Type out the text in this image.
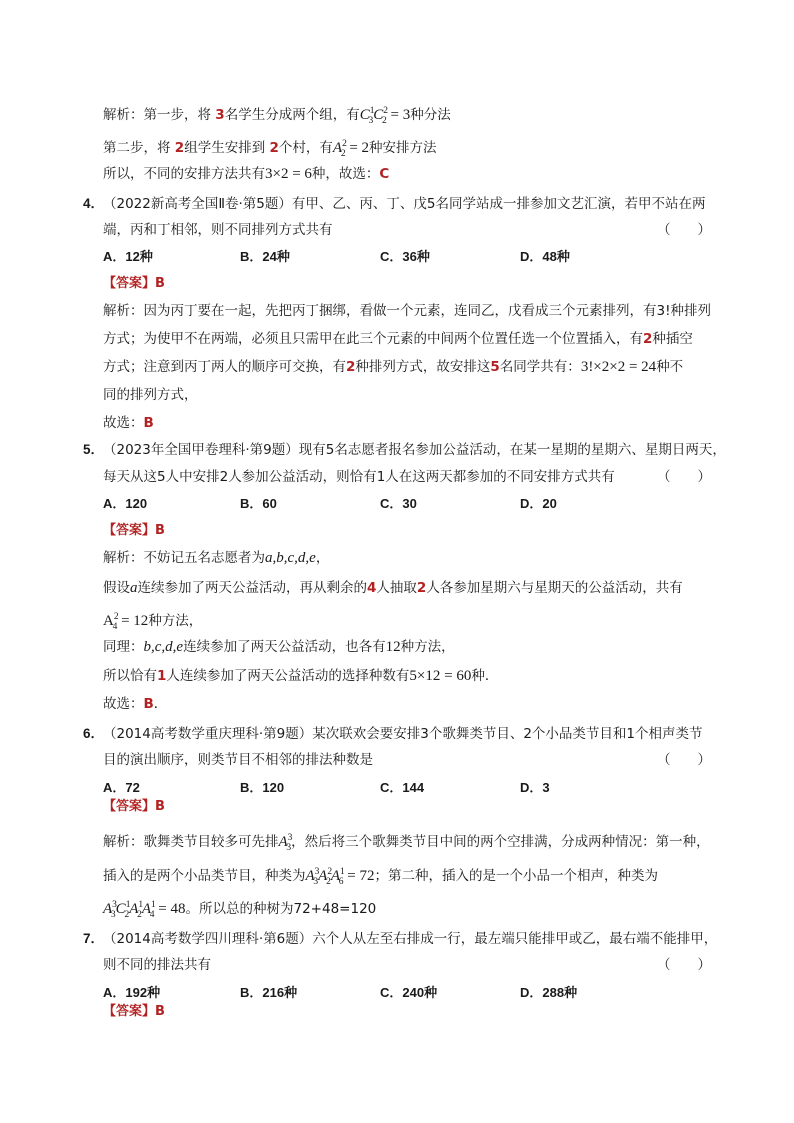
解析：第一步，将 3名学生分成两个组，有$C^1_3C^2_2 = 3$种分法
第二步，将 2组学生安排到 2个村，有$A^2_2 = 2$种安排方法
所以，不同的安排方法共有3×2 = 6种，故选：C
4．
（2022新高考全国Ⅱ卷·第5题）有甲、乙、丙、丁、戊5名同学站成一排参加文艺汇演，若甲不站在两
端，丙和丁相邻，则不同排列方式共有	（　　）
A．12种	B．24种	C．36种	D．48种
【答案】B
解析：因为丙丁要在一起，先把丙丁捆绑，看做一个元素，连同乙，戊看成三个元素排列，有3!种排列
方式；为使甲不在两端，必须且只需甲在此三个元素的中间两个位置任选一个位置插入，有2种插空
方式；注意到丙丁两人的顺序可交换，有2种排列方式，故安排这5名同学共有：3!×2×2 = 24种不
同的排列方式，
故选：B
5．
（2023年全国甲卷理科·第9题）现有5名志愿者报名参加公益活动，在某一星期的星期六、星期日两天，
每天从这5人中安排2人参加公益活动，则恰有1人在这两天都参加的不同安排方式共有	（　　）
A．120	B．60	C．30	D．20
【答案】B
解析：不妨记五名志愿者为a,b,c,d,e，
假设a连续参加了两天公益活动，再从剩余的4人抽取2人各参加星期六与星期天的公益活动，共有
$A^2_4 = 12$种方法，
同理：b,c,d,e连续参加了两天公益活动，也各有12种方法，
所以恰有1人连续参加了两天公益活动的选择种数有5×12 = 60种．
故选：B．
6．
（2014高考数学重庆理科·第9题）某次联欢会要安排3个歌舞类节目、2个小品类节目和1个相声类节
目的演出顺序，则类节目不相邻的排法种数是	（　　）
A．72	B．120	C．144	D．3
【答案】B
解析：歌舞类节目较多可先排$A^3_3$，然后将三个歌舞类节目中间的两个空排满，分成两种情况：第一种，
插入的是两个小品类节目，种类为$A^3_3A^2_2A^1_6 = 72$；第二种，插入的是一个小品一个相声，种类为
$A^3_3C^1_2A^1_2A^1_4 = 48$。所以总的种树为72+48=120
7．
（2014高考数学四川理科·第6题）六个人从左至右排成一行，最左端只能排甲或乙，最右端不能排甲，
则不同的排法共有	（　　）
A．192种	B．216种	C．240种	D．288种
【答案】B
